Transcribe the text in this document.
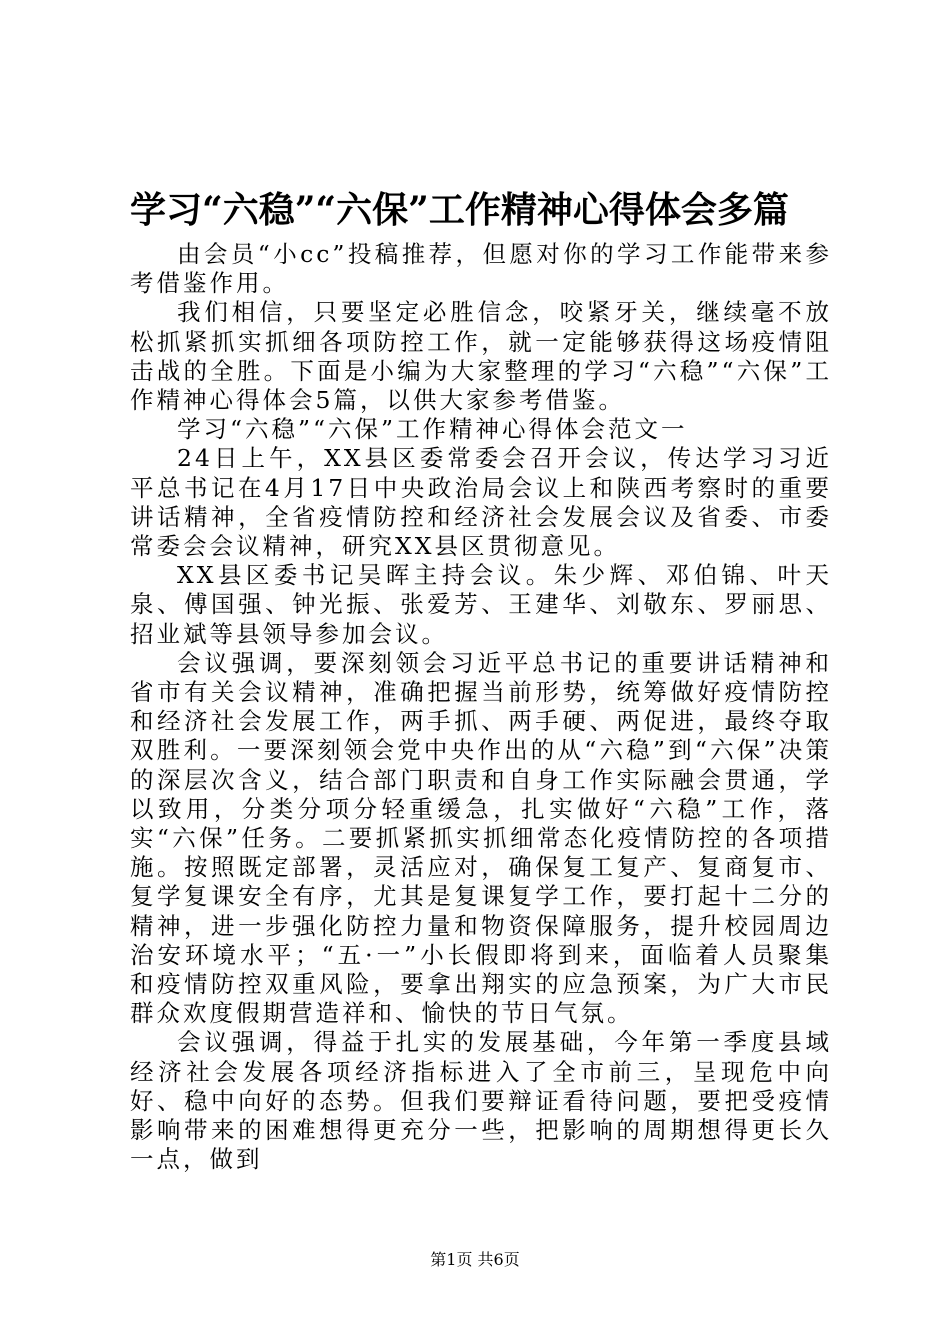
学习“六稳”“六保”工作精神心得体会多篇

由会员“小cc”投稿推荐，但愿对你的学习工作能带来参考借鉴作用。

我们相信，只要坚定必胜信念，咬紧牙关，继续毫不放松抓紧抓实抓细各项防控工作，就一定能够获得这场疫情阻击战的全胜。下面是小编为大家整理的学习“六稳”“六保”工作精神心得体会5篇，以供大家参考借鉴。

学习“六稳”“六保”工作精神心得体会范文一

24日上午，XX县区委常委会召开会议，传达学习习近平总书记在4月17日中央政治局会议上和陕西考察时的重要讲话精神，全省疫情防控和经济社会发展会议及省委、市委常委会会议精神，研究XX县区贯彻意见。

XX县区委书记吴晖主持会议。朱少辉、邓伯锦、叶天泉、傅国强、钟光振、张爱芳、王建华、刘敬东、罗丽思、招业斌等县领导参加会议。

会议强调，要深刻领会习近平总书记的重要讲话精神和省市有关会议精神，准确把握当前形势，统筹做好疫情防控和经济社会发展工作，两手抓、两手硬、两促进，最终夺取双胜利。一要深刻领会党中央作出的从“六稳”到“六保”决策的深层次含义，结合部门职责和自身工作实际融会贯通，学以致用，分类分项分轻重缓急，扎实做好“六稳”工作，落实“六保”任务。二要抓紧抓实抓细常态化疫情防控的各项措施。按照既定部署，灵活应对，确保复工复产、复商复市、复学复课安全有序，尤其是复课复学工作，要打起十二分的精神，进一步强化防控力量和物资保障服务，提升校园周边治安环境水平；“五·一”小长假即将到来，面临着人员聚集和疫情防控双重风险，要拿出翔实的应急预案，为广大市民群众欢度假期营造祥和、愉快的节日气氛。

会议强调，得益于扎实的发展基础，今年第一季度县域经济社会发展各项经济指标进入了全市前三，呈现危中向好、稳中向好的态势。但我们要辩证看待问题，要把受疫情影响带来的困难想得更充分一些，把影响的周期想得更长久一点，做到

第1页 共6页
